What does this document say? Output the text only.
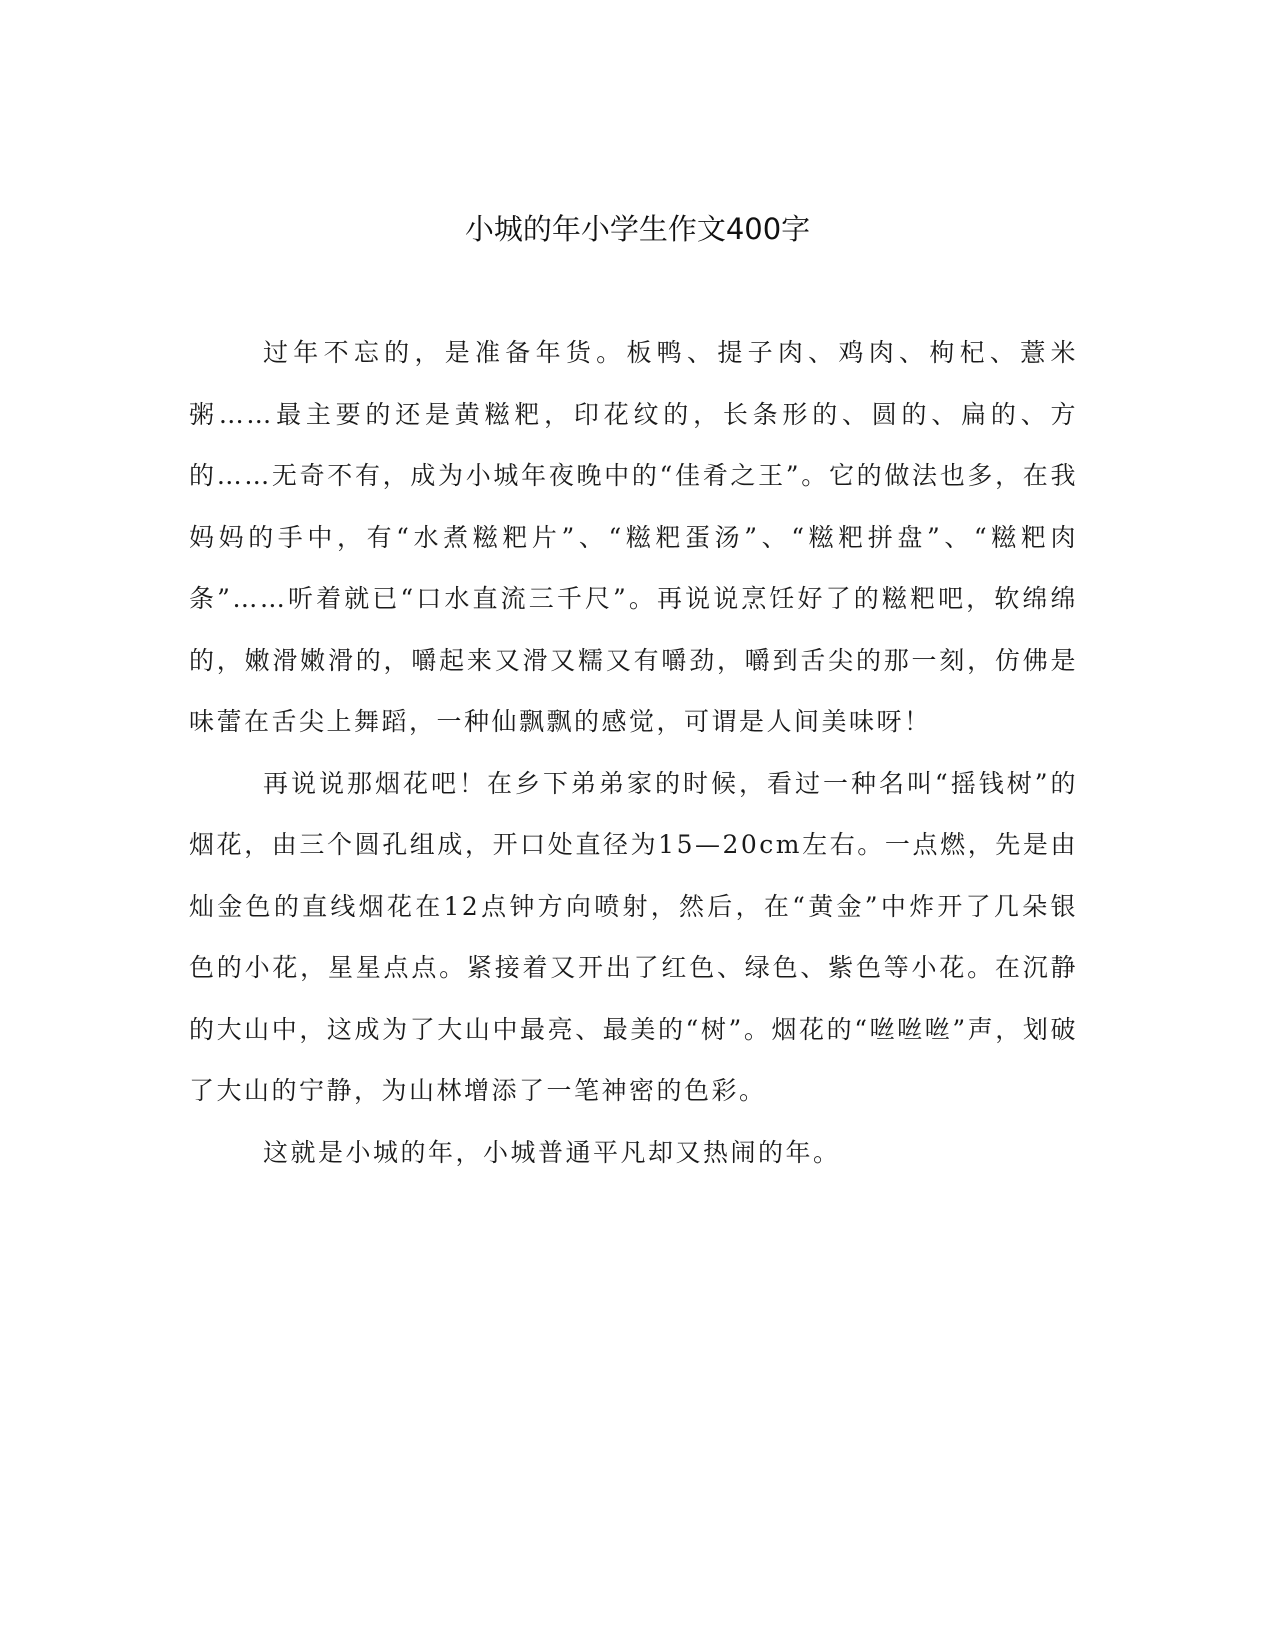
小城的年小学生作文400字

过年不忘的，是准备年货。板鸭、提子肉、鸡肉、枸杞、薏米粥……最主要的还是黄糍粑，印花纹的，长条形的、圆的、扁的、方的……无奇不有，成为小城年夜晚中的“佳肴之王”。它的做法也多，在我妈妈的手中，有“水煮糍粑片”、“糍粑蛋汤”、“糍粑拼盘”、“糍粑肉条”……听着就已“口水直流三千尺”。再说说烹饪好了的糍粑吧，软绵绵的，嫩滑嫩滑的，嚼起来又滑又糯又有嚼劲，嚼到舌尖的那一刻，仿佛是味蕾在舌尖上舞蹈，一种仙飘飘的感觉，可谓是人间美味呀！

再说说那烟花吧！在乡下弟弟家的时候，看过一种名叫“摇钱树”的烟花，由三个圆孔组成，开口处直径为15—20cm左右。一点燃，先是由灿金色的直线烟花在12点钟方向喷射，然后，在“黄金”中炸开了几朵银色的小花，星星点点。紧接着又开出了红色、绿色、紫色等小花。在沉静的大山中，这成为了大山中最亮、最美的“树”。烟花的“咝咝咝”声，划破了大山的宁静，为山林增添了一笔神密的色彩。

这就是小城的年，小城普通平凡却又热闹的年。
